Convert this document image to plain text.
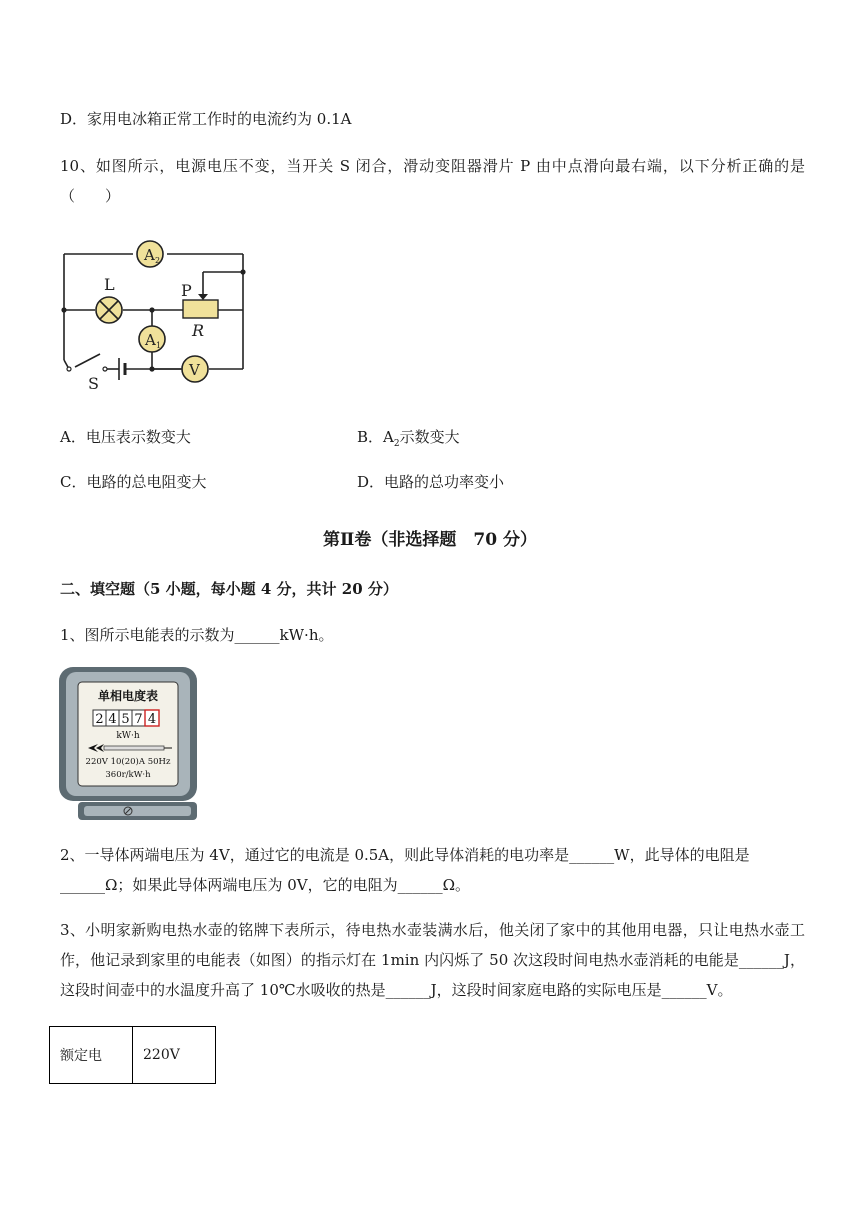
D．家用电冰箱正常工作时的电流约为 0.1A
10、如图所示，电源电压不变，当开关 S 闭合，滑动变阻器滑片 P 由中点滑向最右端，以下分析正确的是（　　）
A 2
L
A 1
V
P
R
S
A．电压表示数变大	B．$A_2$示数变大
C．电路的总电阻变大	D．电路的总功率变小
第Ⅱ卷（非选择题　70 分）
二、填空题（5 小题，每小题 4 分，共计 20 分）
1、图所示电能表的示数为______kW·h。
单相电度表
2 4 5 7 4
kW·h
220V 10(20)A 50Hz
360r/kW·h
2、一导体两端电压为 4V，通过它的电流是 0.5A，则此导体消耗的电功率是______W，此导体的电阻是
______Ω；如果此导体两端电压为 0V，它的电阻为______Ω。
3、小明家新购电热水壶的铭牌下表所示，待电热水壶装满水后，他关闭了家中的其他用电器，只让电热水壶工作，他记录到家里的电能表（如图）的指示灯在 1min 内闪烁了 50 次这段时间电热水壶消耗的电能是______J，这段时间壶中的水温度升高了 10℃水吸收的热是______J，这段时间家庭电路的实际电压是______V。
额定电	220V
